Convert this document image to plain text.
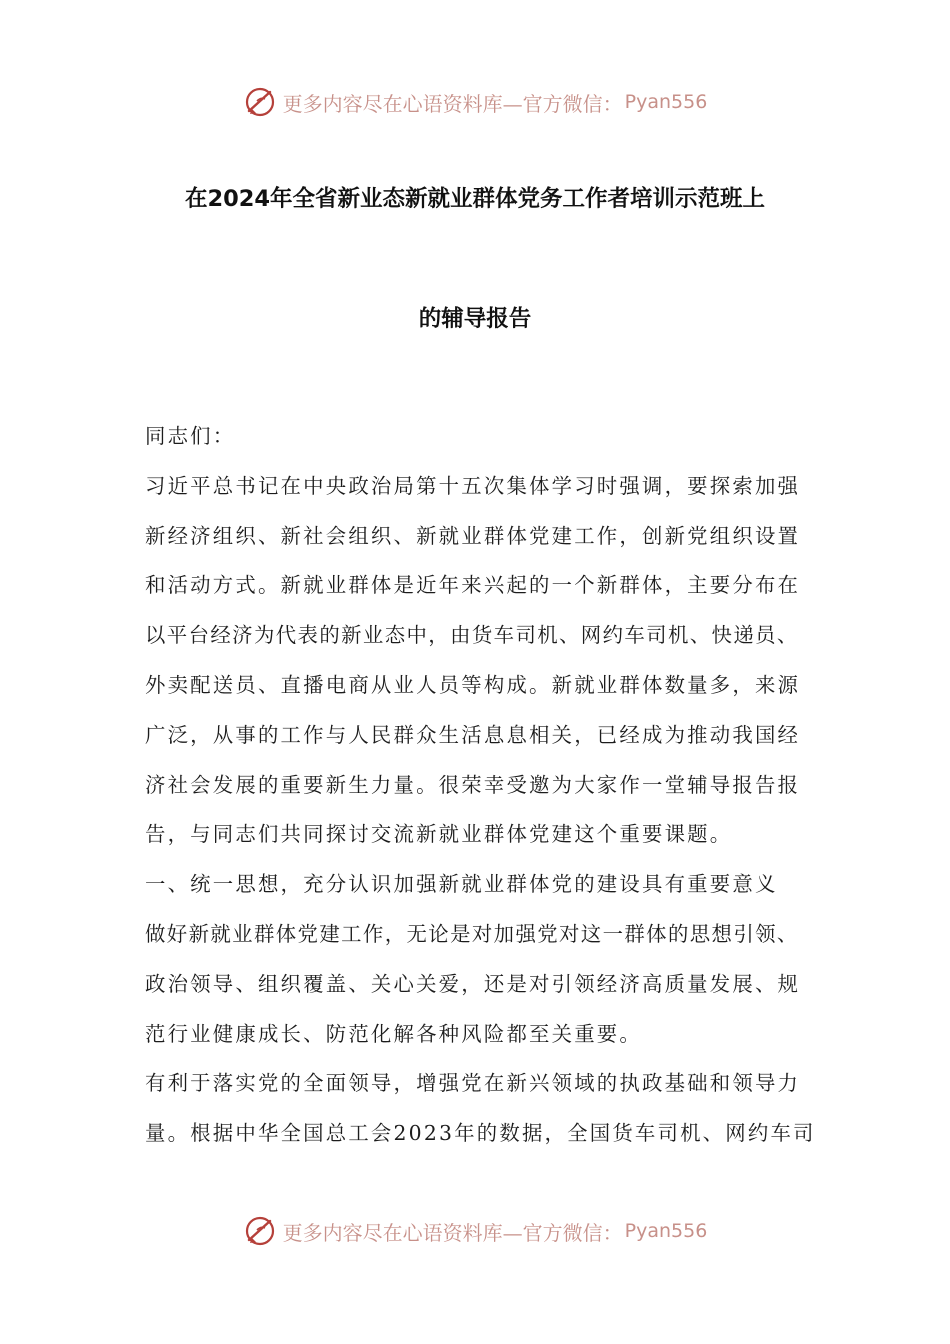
更多内容尽在心语资料库—官方微信： Pyan556
在2024年全省新业态新就业群体党务工作者培训示范班上
的辅导报告
同志们：
习近平总书记在中央政治局第十五次集体学习时强调，要探索加强
新经济组织、新社会组织、新就业群体党建工作，创新党组织设置
和活动方式。新就业群体是近年来兴起的一个新群体，主要分布在
以平台经济为代表的新业态中，由货车司机、网约车司机、快递员、
外卖配送员、直播电商从业人员等构成。新就业群体数量多，来源
广泛，从事的工作与人民群众生活息息相关，已经成为推动我国经
济社会发展的重要新生力量。很荣幸受邀为大家作一堂辅导报告报
告，与同志们共同探讨交流新就业群体党建这个重要课题。
一、统一思想，充分认识加强新就业群体党的建设具有重要意义
做好新就业群体党建工作，无论是对加强党对这一群体的思想引领、
政治领导、组织覆盖、关心关爱，还是对引领经济高质量发展、规
范行业健康成长、防范化解各种风险都至关重要。
有利于落实党的全面领导，增强党在新兴领域的执政基础和领导力
量。根据中华全国总工会2023年的数据，全国货车司机、网约车司
更多内容尽在心语资料库—官方微信： Pyan556
